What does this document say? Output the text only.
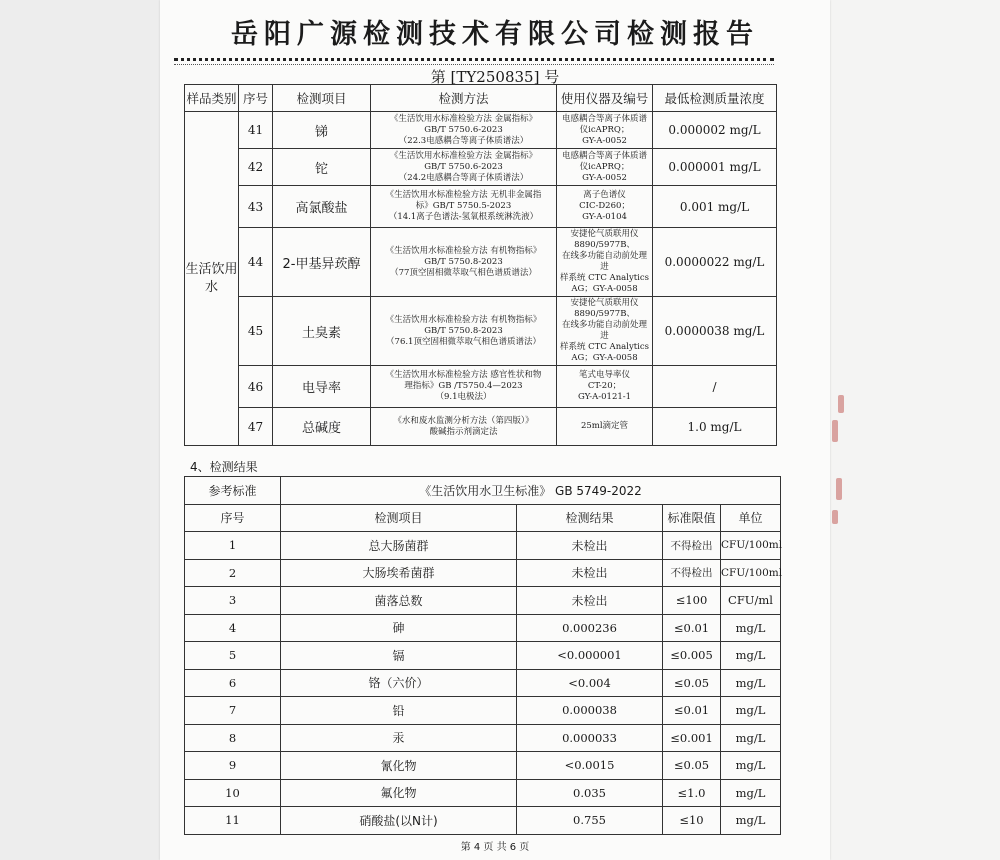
岳阳广源检测技术有限公司检测报告
第 [TY250835] 号
样品类别	序号	检测项目	检测方法	使用仪器及编号	最低检测质量浓度
生活饮用水	41	锑	《生活饮用水标准检验方法 金属指标》
GB/T 5750.6-2023
（22.3电感耦合等离子体质谱法）	电感耦合等离子体质谱
仪icAPRQ；
GY-A-0052	0.000002 mg/L
	42	铊	《生活饮用水标准检验方法 金属指标》
GB/T 5750.6-2023
（24.2电感耦合等离子体质谱法）	电感耦合等离子体质谱
仪icAPRQ；
GY-A-0052	0.000001 mg/L
	43	高氯酸盐	《生活饮用水标准检验方法 无机非金属指
标》GB/T 5750.5-2023
（14.1离子色谱法-氢氧根系统淋洗液）	离子色谱仪
CIC-D260；
GY-A-0104	0.001 mg/L
	44	2-甲基异莰醇	《生活饮用水标准检验方法 有机物指标》
GB/T 5750.8-2023
（77顶空固相微萃取气相色谱质谱法）	安捷伦气质联用仪
8890/5977B、
在线多功能自动前处理进
样系统 CTC Analytics
AG；GY-A-0058	0.0000022 mg/L
	45	土臭素	《生活饮用水标准检验方法 有机物指标》
GB/T 5750.8-2023
（76.1顶空固相微萃取气相色谱质谱法）	安捷伦气质联用仪
8890/5977B、
在线多功能自动前处理进
样系统 CTC Analytics
AG；GY-A-0058	0.0000038 mg/L
	46	电导率	《生活饮用水标准检验方法 感官性状和物
理指标》GB /T5750.4—2023
（9.1电极法）	笔式电导率仪
CT-20；
GY-A-0121-1	/
	47	总碱度	《水和废水监测分析方法（第四版）》
酸碱指示剂滴定法	25ml滴定管	1.0 mg/L
4、检测结果
参考标准	《生活饮用水卫生标准》 GB 5749-2022			
序号	检测项目	检测结果	标准限值	单位
1	总大肠菌群	未检出	不得检出	CFU/100ml
2	大肠埃希菌群	未检出	不得检出	CFU/100ml
3	菌落总数	未检出	≤100	CFU/ml
4	砷	0.000236	≤0.01	mg/L
5	镉	<0.000001	≤0.005	mg/L
6	铬（六价）	<0.004	≤0.05	mg/L
7	铅	0.000038	≤0.01	mg/L
8	汞	0.000033	≤0.001	mg/L
9	氰化物	<0.0015	≤0.05	mg/L
10	氟化物	0.035	≤1.0	mg/L
11	硝酸盐(以N计)	0.755	≤10	mg/L
第 4 页 共 6 页
